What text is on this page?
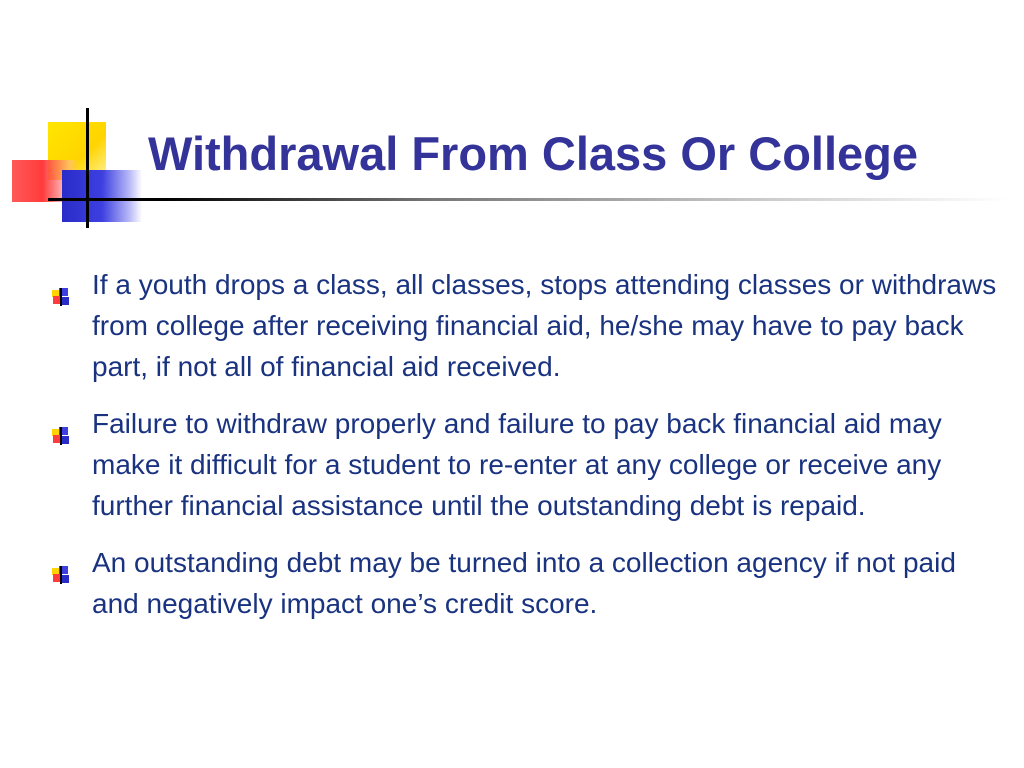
Withdrawal From Class Or College
If a youth drops a class, all classes, stops attending classes or withdraws from college after receiving financial aid, he/she may have to pay back part, if not all of financial aid received.
Failure to withdraw properly and failure to pay back financial aid may make it difficult for a student to re-enter at any college or receive any further financial assistance until the outstanding debt is repaid.
An outstanding debt may be turned into a collection agency if not paid and negatively impact one’s credit score.
